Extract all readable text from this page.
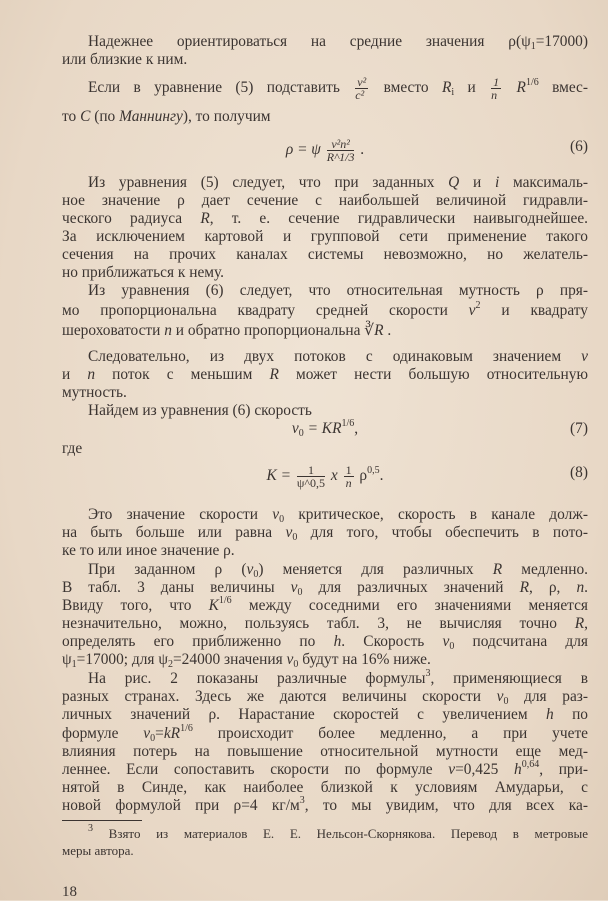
Надежнее ориентироваться на средние значения ρ(ψ1=17000)
или близкие к ним.
Если в уравнение (5) подставить $\frac{\text{v²}}{\text{c²}}$ вместо Ri и $\frac{1}{n} R^{1/6}$ вмес-
то C (по Маннингу), то получим
ρ = ψ $\frac{\text{v²n²}}{R\^{}1/3}$ .	(6)
Из уравнения (5) следует, что при заданных Q и i максималь-
ное значение ρ дает сечение с наибольшей величиной гидравли-
ческого радиуса R, т. е. сечение гидравлически наивыгоднейшее.
За исключением картовой и групповой сети применение такого
сечения на прочих каналах системы невозможно, но желатель-
но приближаться к нему.
Из уравнения (6) следует, что относительная мутность ρ пря-
мо пропорциональна квадрату средней скорости $v^2$ и квадрату
шероховатости n и обратно пропорциональна ∛R .
Следовательно, из двух потоков с одинаковым значением v
и n поток с меньшим R может нести большую относительную
мутность.
Найдем из уравнения (6) скорость
$v0 = KR^{1/6}$,	(7)
где
$K = \frac{1}{\psi\^{}0,5}$ x $\frac{1}{n} \rho^{0,5}$.	(8)
Это значение скорости v0 критическое, скорость в канале долж-
на быть больше или равна v0 для того, чтобы обеспечить в пото-
ке то или иное значение ρ.
При заданном ρ (v0) меняется для различных R медленно.
В табл. 3 даны величины v0 для различных значений R, ρ, n.
Ввиду того, что $K^{1/6}$ между соседними его значениями меняется
незначительно, можно, пользуясь табл. 3, не вычисляя точно R,
определять его приближенно по h. Скорость v0 подсчитана для
ψ1=17000; для ψ2=24000 значения v0 будут на 16% ниже.
На рис. 2 показаны различные формулы$^3$, применяющиеся в
разных странах. Здесь же даются величины скорости v0 для раз-
личных значений ρ. Нарастание скоростей с увеличением h по
формуле $v0=kR^{1/6}$ происходит более медленно, а при учете
влияния потерь на повышение относительной мутности еще мед-
леннее. Если сопоставить скорости по формуле v=0,425 $h^{0,64}$, при-
нятой в Синде, как наиболее близкой к условиям Амударьи, с
новой формулой при ρ=4 $кг/м^3$, то мы увидим, что для всех ка-
$^3$ Взято из материалов Е. Е. Нельсон-Скорнякова. Перевод в метровые
меры автора.
18
